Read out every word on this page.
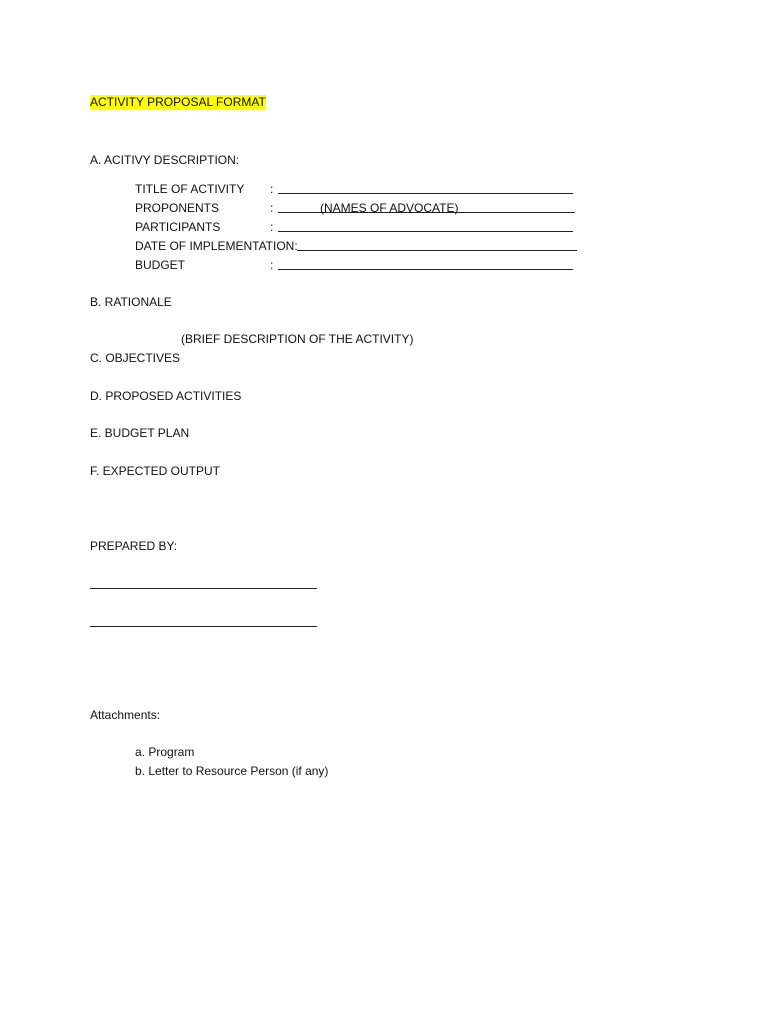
ACTIVITY PROPOSAL FORMAT
A. ACITIVY DESCRIPTION:
TITLE OF ACTIVITY :
PROPONENTS	:	(NAMES OF ADVOCATE)
PARTICIPANTS	:
DATE OF IMPLEMENTATION:
BUDGET	:
B. RATIONALE
(BRIEF DESCRIPTION OF THE ACTIVITY)
C. OBJECTIVES
D. PROPOSED ACTIVITIES
E. BUDGET PLAN
F. EXPECTED OUTPUT
PREPARED BY:
Attachments:
a. Program
b. Letter to Resource Person (if any)
